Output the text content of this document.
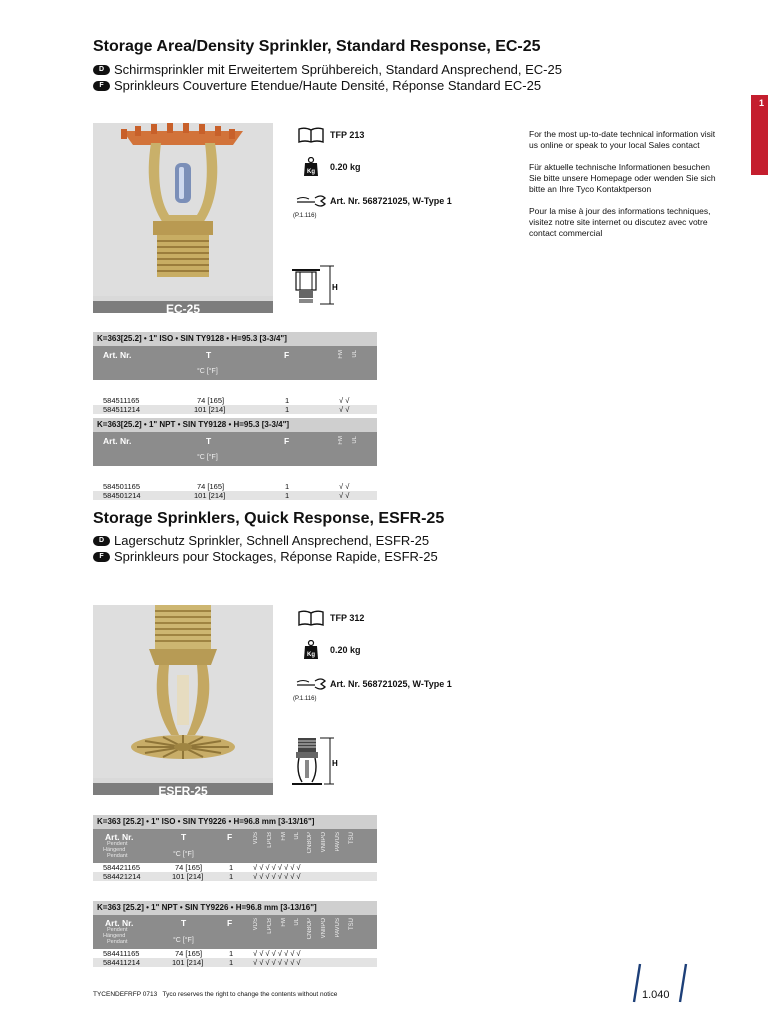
1
Storage Area/Density Sprinkler, Standard Response, EC-25
D Schirmsprinkler mit Erweitertem Sprühbereich, Standard Ansprechend, EC-25
F Sprinkleurs Couverture Etendue/Haute Densité, Réponse Standard EC-25
EC-25
TFP 213
Kg 0.20 kg
Art. Nr. 568721025, W-Type 1
(P.1.116)
H

For the most up-to-date technical information visit us online or speak to your local Sales contact

Für aktuelle technische Informationen besuchen Sie bitte unsere Homepage oder wenden Sie sich bitte an Ihre Tyco Kontaktperson

Pour la mise à jour des informations techniques, visitez notre site internet ou discutez avec votre contact commercial

K=363[25.2] • 1" ISO • SIN TY9128 • H=95.3 [3-3/4"]
Art. Nr.	T	F
°C [°F]
FM UL
584511165	74 [165]	1	√ √
584511214	101 [214]	1	√ √
K=363[25.2] • 1" NPT • SIN TY9128 • H=95.3 [3-3/4"]
Art. Nr.	T	F
°C [°F]
FM UL
584501165	74 [165]	1	√ √
584501214	101 [214]	1	√ √
Storage Sprinklers, Quick Response, ESFR-25
D Lagerschutz Sprinkler, Schnell Ansprechend, ESFR-25
F Sprinkleurs pour Stockages, Réponse Rapide, ESFR-25
ESFR-25
TFP 312
Kg 0.20 kg
Art. Nr. 568721025, W-Type 1
(P.1.116)
H
K=363 [25.2] • 1" ISO • SIN TY9226 • H=96.8 mm [3-13/16"]
Art. Nr.
Pendent
Hängend
Pendant
T	F
°C [°F]
VDS LPCB FM UL CNBOP VNIIPO PAVUS TSÚ
584421165	74 [165]	1	√ √ √ √ √ √ √ √
584421214	101 [214]	1	√ √ √ √ √ √ √ √
K=363 [25.2] • 1" NPT • SIN TY9226 • H=96.8 mm [3-13/16"]
Art. Nr.
Pendent
Hängend
Pendant
T	F
°C [°F]
VDS LPCB FM UL CNBOP VNIIPO PAVUS TSÚ
584411165	74 [165]	1	√ √ √ √ √ √ √ √
584411214	101 [214]	1	√ √ √ √ √ √ √ √
TYCENDEFRFP 0713 Tyco reserves the right to change the contents without notice	1.040
